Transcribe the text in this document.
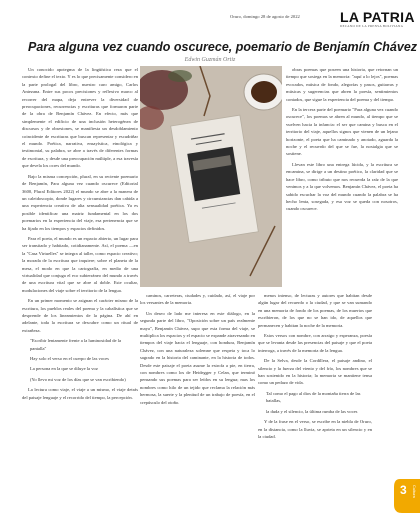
Oruro, domingo 28 de agosto de 2022	LA PATRIA
DECANO DE LA PRENSA BOLIVIANA
Para alguna vez cuando oscurece, poemario de Benjamín Chávez
Edwin Guzmán Ortiz

Un conocido apotegma de la lingüística reza que el contexto define el texto. Y es lo que precisamente considero en la parte prologal del libro, nuestro caro amigo, Carlos Antezana. Entre sus pocos precisiones y reflexivo marco al recorrer del mapa, deja entrever la diversidad de preocupaciones, recurrencias y escrituras que formaron parte de la obra de Benjamín Chávez. En efecto, más que simplemente el edificio de una inclusión heterogénea de discursos y de obsesiones, se manifiesta un desdoblamiento coincidente de escrituras que buscan representar y escudriñar el mundo. Poética, narrativa, ensayística, etnológica y testimonial, su palabra, se abre a través de diferentes formas de escritura, y desde una preocupación múltiple, a esa travesía que devela los ocres del mundo.

Bajo la misma concepción, plural, en su reciente poemario de Benjamín, Para alguna vez cuando oscurece (Editorial 3600, Plural Editores 2022) el mundo se abre a la manera de un caleidoscopio, donde lugares y circunstancias dan cabida a una experiencia creativa de alta sensualidad poética. Ya es posible identificar una matriz fundamental en los dos poemarios en la experiencia del viaje, esa pertenencia que se ha fijado en los tiempos y espacios definidos.

Para el poeta, el mundo es un espacio abierto, un lugar para ser transitado y habitado, cotidianamente. Así, el poema —en la "Casa Virtuelles" se integra al taller, como espacio creativo; la morada de la escritura que inquiere; sobre el planeta de la mesa, el modo en que la cartografía, en medio de una virtualidad que conjuga el eco subterráneo del mundo a través de una escritura vital que se abre al doble. Este ocultar, modulaciones del viaje sobre el territorio de la lengua.

En un primer momento se asignan el carácter mismo de la escritura, los pueblos reales del poema y la cabalística que se desprende de los lineamientos de la página. De ahí en adelante, toda la escritura se descubre como un ritual de extrañeza.

"Escribir lentamente frente a la luminosidad de la pantalla"

Hay solo el verso en el cuerpo de las voces

La persona en la que se diluye la voz

(Yo llevo mi voz de los días que se van escribiendo)

La lectura como viaje, el viaje a un mismo, el viaje detrás del paisaje lenguaje y el recorrido del tiempo, la percepción.

obras poemas que poseen una historia, que retornan un tiempo que sosiega en la memoria: "aquí a lo lejos", poemas evocados, música de fondo, alegorías y pasos, guitarras y músicas y sugerencias que abren la poesía, sentimientos contados, que sigue la experiencia del poema y del tiempo.

En la tercera parte del poemario "Para alguna vez cuando oscurece", los poemas se abren al mundo, al tiempo que se vuelven hacia la infancia: el ser que camina y busca en el territorio del viaje, aquellos signos que vienen de un lejano horizonte, el poeta que ha caminado y anotado, aguarda la noche y el recuerdo del que se fue, la nostalgia que se sostiene.

Llevan este libro una entrega lúcida, y la escritura se encamina, se dirige a un destino poético, la claridad que se hace libro, como tributo que nos recuerda la raíz de la que venimos y a la que volvemos. Benjamín Chávez, el poeta ha sabido escuchar la voz del mundo cuando la palabra se ha hecho lenta, sosegada, y esa voz se queda con nosotros, cuando oscurece.

caminos, carreteras, ciudades y, cuidado, así, el viaje por los versantes de la memoria.

Un deseo de lado me interesa en este diálogo, en la segunda parte del libro, "Oposición sobre un país realmente maya", Benjamín Chávez, supo que esta forma del viaje, se multiplica los espacios y el espacio se expande atravesando en tiempos del viaje hacia el lenguaje, con hondura, Benjamín Chávez, con una naturaleza solemne que respeta y toca lo sagrado en la historia del caminante, en la historia de todos. Desde este paisaje el poeta asume la estrofa a pie, en tierra, con nombres como los de Heidegger y Celan, que terminó pensando sus poemas para ser leídos en su lengua; mas los nombres como hilo de un tejido que reclama la relación más hermosa, la suerte y la plenitud de un trabajo de poesía, en el crepúsculo del otoño.

menos intenso, de lecturas y autores que habitan desde algún lugar del recuerdo o la ciudad, y que se van sumando en una memoria de fondo de los poemas, de los muertos que escribieron, de los que no se han ido, de aquellos que permanecen y habitan la noche de la memoria.

Estos versos con nombre, con arraigo y esperanza, poesía que se levanta desde las presencias del paisaje y que el poeta interroga, a través de la memoria de la lengua.

De la Selva, desde la Cordillera, el paisaje andino, el silencio y la fuerza del viento y del frío, los nombres que se han sostenido en la historia; la memoria se mantiene tensa como un pedazo de vida.

Tal como el pago al dios de la montaña tierra de las batallas,

la duda y el silencio, la última rumba de las voces

Y de la frase en el verso, se escribe en la niebla de Oruro, en la distancia, como la lluvia, se aprieta en un silencio y en la ciudad.

3 Cultura
